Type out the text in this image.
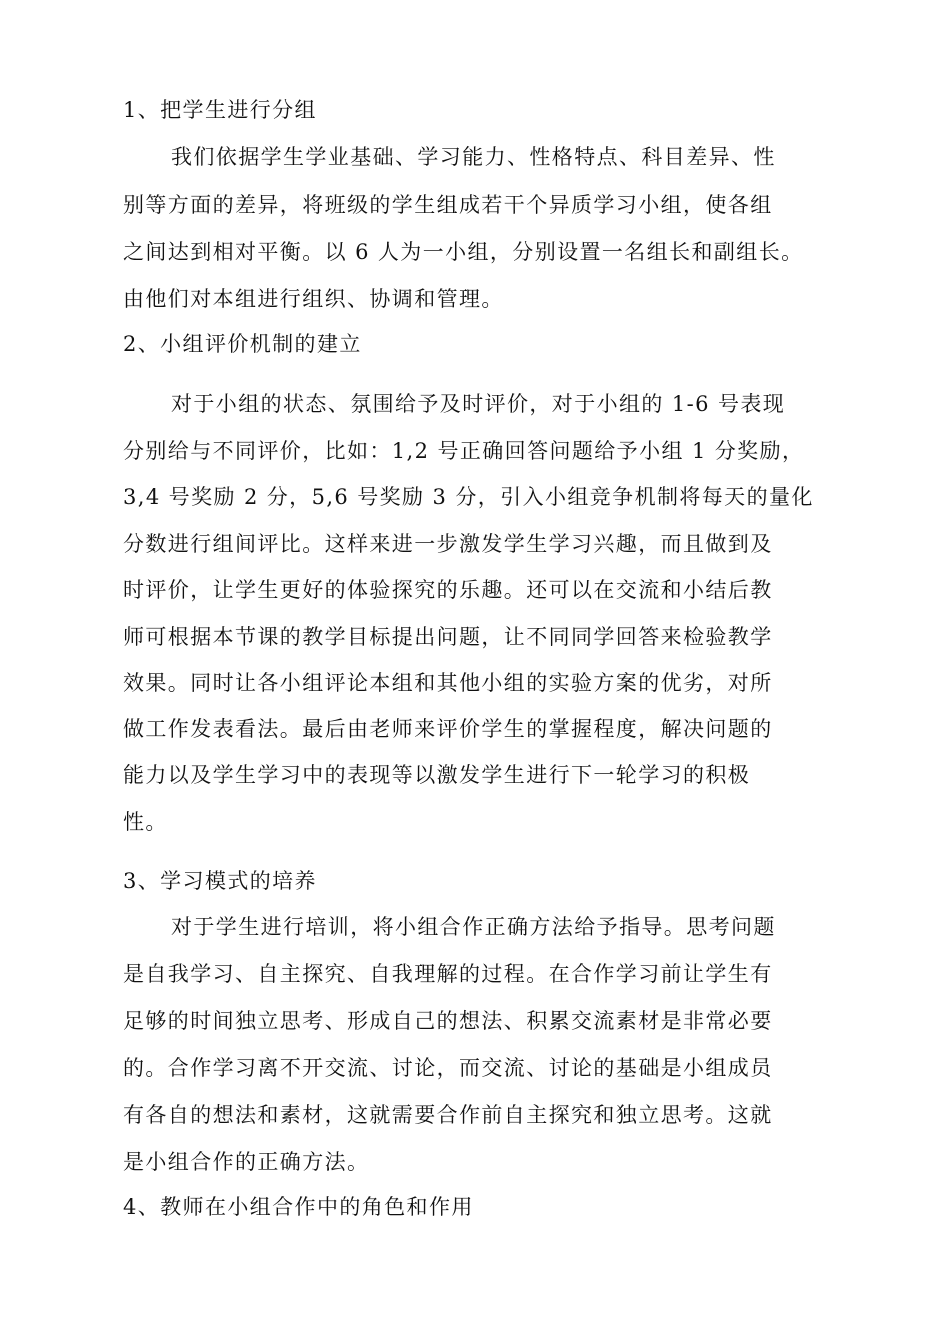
1、把学生进行分组
我们依据学生学业基础、学习能力、性格特点、科目差异、性
别等方面的差异，将班级的学生组成若干个异质学习小组，使各组
之间达到相对平衡。以 6 人为一小组，分别设置一名组长和副组长。
由他们对本组进行组织、协调和管理。
2、小组评价机制的建立
对于小组的状态、氛围给予及时评价，对于小组的 1-6 号表现
分别给与不同评价，比如：1,2 号正确回答问题给予小组 1 分奖励，
3,4 号奖励 2 分，5,6 号奖励 3 分，引入小组竞争机制将每天的量化
分数进行组间评比。这样来进一步激发学生学习兴趣，而且做到及
时评价，让学生更好的体验探究的乐趣。还可以在交流和小结后教
师可根据本节课的教学目标提出问题，让不同同学回答来检验教学
效果。同时让各小组评论本组和其他小组的实验方案的优劣，对所
做工作发表看法。最后由老师来评价学生的掌握程度，解决问题的
能力以及学生学习中的表现等以激发学生进行下一轮学习的积极
性。
3、学习模式的培养
对于学生进行培训，将小组合作正确方法给予指导。思考问题
是自我学习、自主探究、自我理解的过程。在合作学习前让学生有
足够的时间独立思考、形成自己的想法、积累交流素材是非常必要
的。合作学习离不开交流、讨论，而交流、讨论的基础是小组成员
有各自的想法和素材，这就需要合作前自主探究和独立思考。这就
是小组合作的正确方法。
4、教师在小组合作中的角色和作用
